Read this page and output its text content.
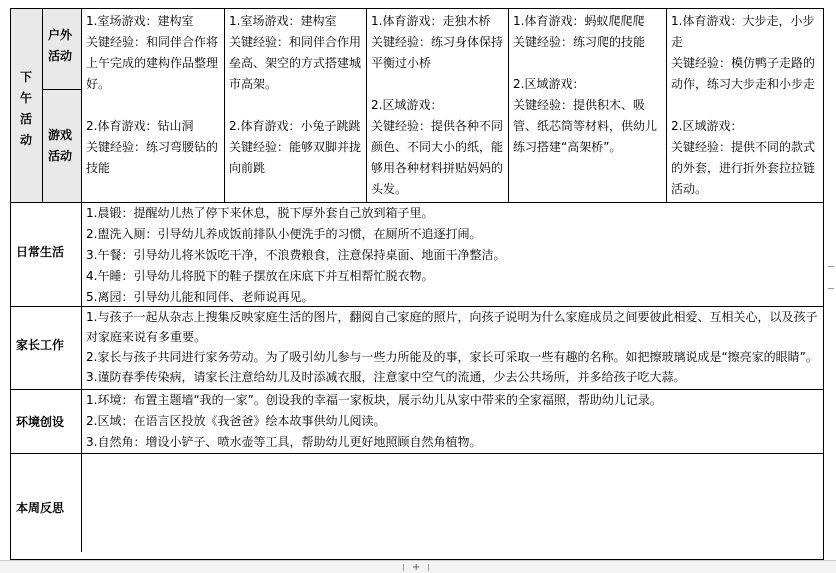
下午活动
户外活动
游戏活动
1.室场游戏：建构室
关键经验：和同伴合作将上午完成的建构作品整理好。
2.体育游戏：钻山洞
关键经验：练习弯腰钻的技能
1.室场游戏：建构室
关键经验：和同伴合作用垒高、架空的方式搭建城市高架。
2.体育游戏：小兔子跳跳
关键经验：能够双脚并拢向前跳
1.体育游戏：走独木桥
关键经验：练习身体保持平衡过小桥
2.区域游戏：
关键经验：提供各种不同颜色、不同大小的纸，能够用各种材料拼贴妈妈的头发。
1.体育游戏：蚂蚁爬爬爬
关键经验：练习爬的技能
2.区域游戏：
关键经验：提供积木、吸管、纸芯筒等材料，供幼儿练习搭建“高架桥”。
1.体育游戏：大步走，小步走
关键经验：模仿鸭子走路的动作，练习大步走和小步走
2.区域游戏：
关键经验：提供不同的款式的外套，进行折外套拉拉链活动。
日常生活
1.晨锻：提醒幼儿热了停下来休息，脱下厚外套自己放到箱子里。
2.盥洗入厕：引导幼儿养成饭前排队小便洗手的习惯，在厕所不追逐打闹。
3.午餐：引导幼儿将米饭吃干净，不浪费粮食，注意保持桌面、地面干净整洁。
4.午睡：引导幼儿将脱下的鞋子摆放在床底下并互相帮忙脱衣物。
5.离园：引导幼儿能和同伴、老师说再见。
家长工作
1.与孩子一起从杂志上搜集反映家庭生活的图片，翻阅自己家庭的照片，向孩子说明为什么家庭成员之间要彼此相爱、互相关心，以及孩子对家庭来说有多重要。
2.家长与孩子共同进行家务劳动。为了吸引幼儿参与一些力所能及的事，家长可采取一些有趣的名称。如把擦玻璃说成是“擦亮家的眼睛”。
3.谨防春季传染病，请家长注意给幼儿及时添减衣服，注意家中空气的流通，少去公共场所，并多给孩子吃大蒜。
环境创设
1.环境：布置主题墙“我的一家”。创设我的幸福一家板块，展示幼儿从家中带来的全家福照，帮助幼儿记录。
2.区域：在语言区投放《我爸爸》绘本故事供幼儿阅读。
3.自然角：增设小铲子、喷水壶等工具，帮助幼儿更好地照顾自然角植物。
本周反思
+
